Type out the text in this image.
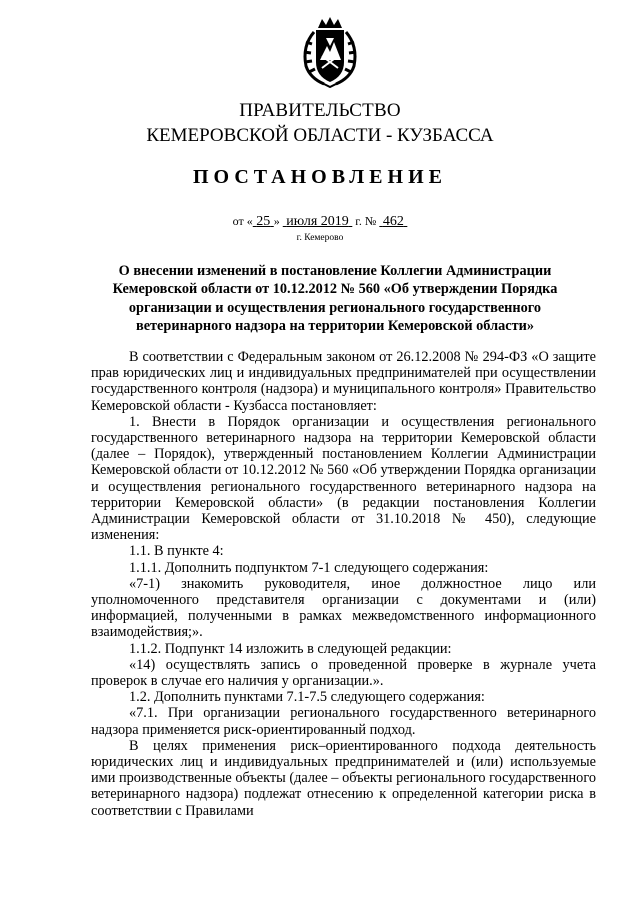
ПРАВИТЕЛЬСТВО
КЕМЕРОВСКОЙ ОБЛАСТИ - КУЗБАССА
ПОСТАНОВЛЕНИЕ
от « 25 »  июля 2019  г. № 462
г. Кемерово
О внесении изменений в постановление Коллегии Администрации Кемеровской области от 10.12.2012 № 560 «Об утверждении Порядка организации и осуществления регионального государственного ветеринарного надзора на территории Кемеровской области»

В соответствии с Федеральным законом от 26.12.2008 № 294-ФЗ «О защите прав юридических лиц и индивидуальных предпринимателей при осуществлении государственного контроля (надзора) и муниципального контроля» Правительство Кемеровской области - Кузбасса постановляет:

1. Внести в Порядок организации и осуществления регионального государственного ветеринарного надзора на территории Кемеровской области (далее – Порядок), утвержденный постановлением Коллегии Администрации Кемеровской области от 10.12.2012 № 560 «Об утверждении Порядка организации и осуществления регионального государственного ветеринарного надзора на территории Кемеровской области» (в редакции постановления Коллегии Администрации Кемеровской области от 31.10.2018 № 450), следующие изменения:

1.1. В пункте 4:

1.1.1. Дополнить подпунктом 7-1 следующего содержания:

«7-1) знакомить руководителя, иное должностное лицо или уполномоченного представителя организации с документами и (или) информацией, полученными в рамках межведомственного информационного взаимодействия;».

1.1.2. Подпункт 14 изложить в следующей редакции:

«14) осуществлять запись о проведенной проверке в журнале учета проверок в случае его наличия у организации.».

1.2. Дополнить пунктами 7.1-7.5 следующего содержания:

«7.1. При организации регионального государственного ветеринарного надзора применяется риск-ориентированный подход.

В целях применения риск–ориентированного подхода деятельность юридических лиц и индивидуальных предпринимателей и (или) используемые ими производственные объекты (далее – объекты регионального государственного ветеринарного надзора) подлежат отнесению к определенной категории риска в соответствии с Правилами
